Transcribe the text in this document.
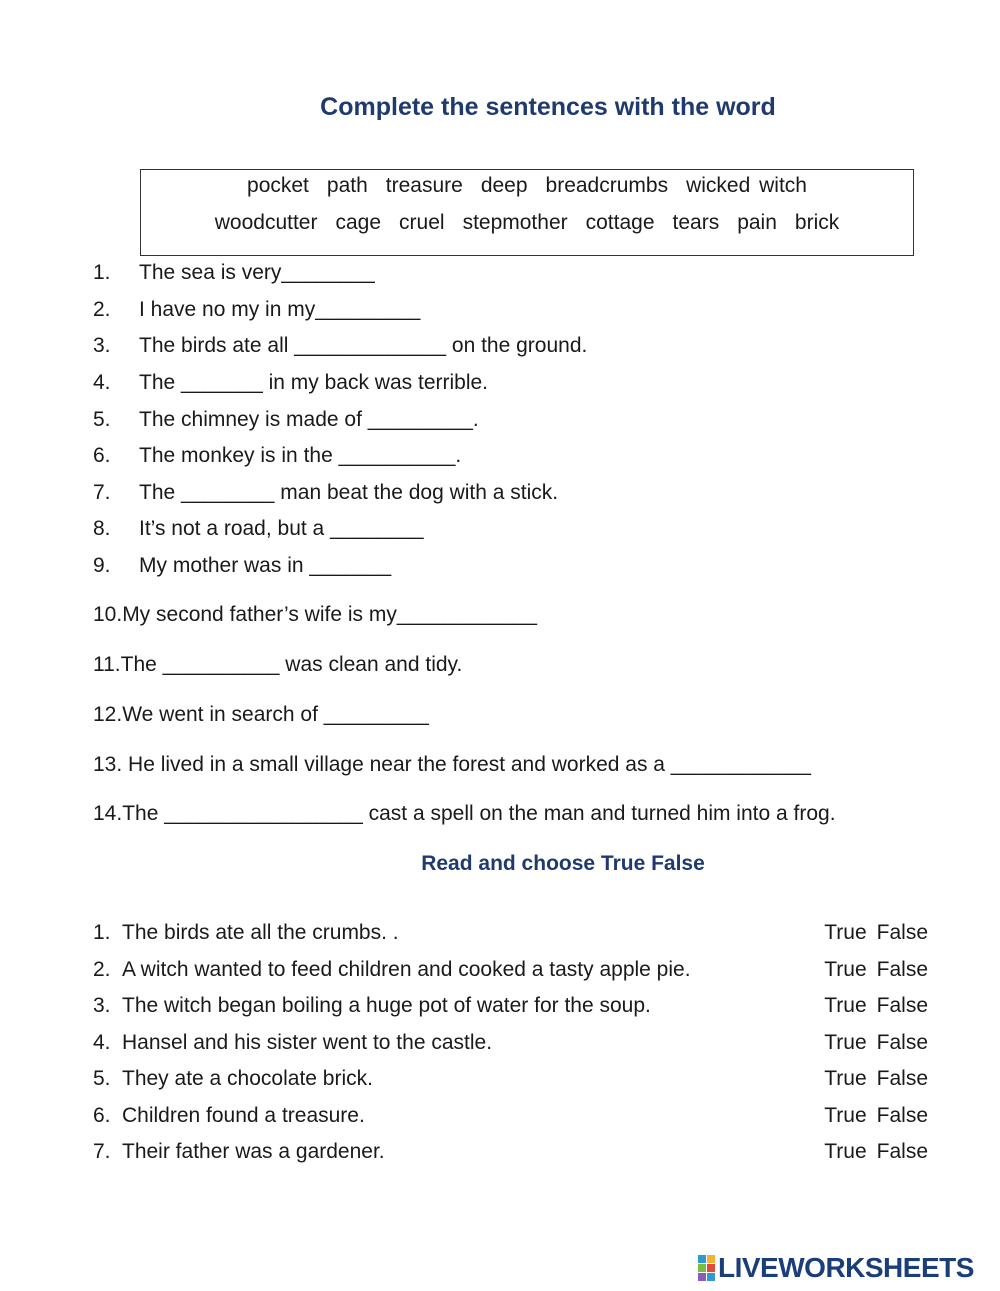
Complete the sentences with the word
pocket path treasure deep breadcrumbs wicked witch
woodcutter cage cruel stepmother cottage tears pain brick
1. The sea is very________
2. I have no my in my_________
3. The birds ate all _____________ on the ground.
4. The _______ in my back was terrible.
5. The chimney is made of _________.
6. The monkey is in the __________.
7. The ________ man beat the dog with a stick.
8. It’s not a road, but a ________
9. My mother was in _______
10.My second father’s wife is my____________
11.The __________ was clean and tidy.
12.We went in search of _________
13. He lived in a small village near the forest and worked as a ____________
14.The _________________ cast a spell on the man and turned him into a frog.
Read and choose True False
1. The birds ate all the crumbs. .	True False
2. A witch wanted to feed children and cooked a tasty apple pie.	True False
3. The witch began boiling a huge pot of water for the soup.	True False
4. Hansel and his sister went to the castle.	True False
5. They ate a chocolate brick.	True False
6. Children found a treasure.	True False
7. Their father was a gardener.	True False
LIVEWORKSHEETS
